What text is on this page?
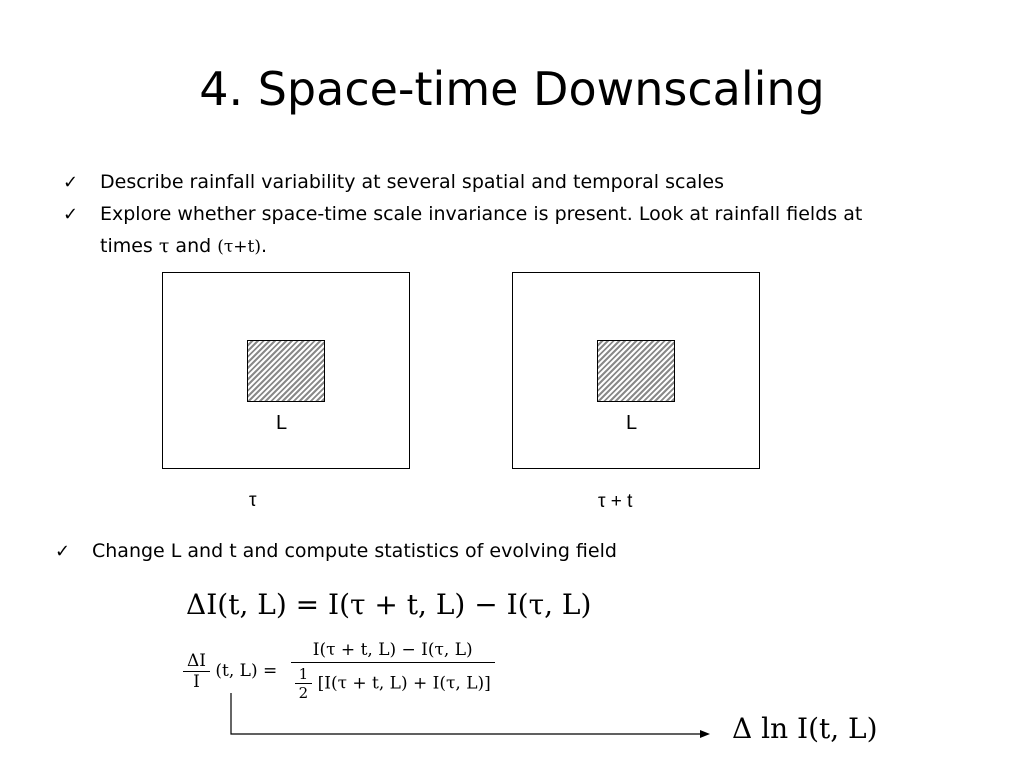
4. Space-time Downscaling
✓ Describe rainfall variability at several spatial and temporal scales
✓ Explore whether space-time scale invariance is present. Look at rainfall fields at
times τ and (τ+t).
L
τ
L
τ + t
✓ Change L and t and compute statistics of evolving field
ΔI(t, L) = I(τ + t, L) − I(τ, L)
$\frac{\Delta I}{I} (t$, $L) = \frac{I(\tau + t, L) - I(\tau, L)}{\frac{1}{2} [I(\tau + t, L) + I(\tau, L)]}$
Δ ln I(t, L)
